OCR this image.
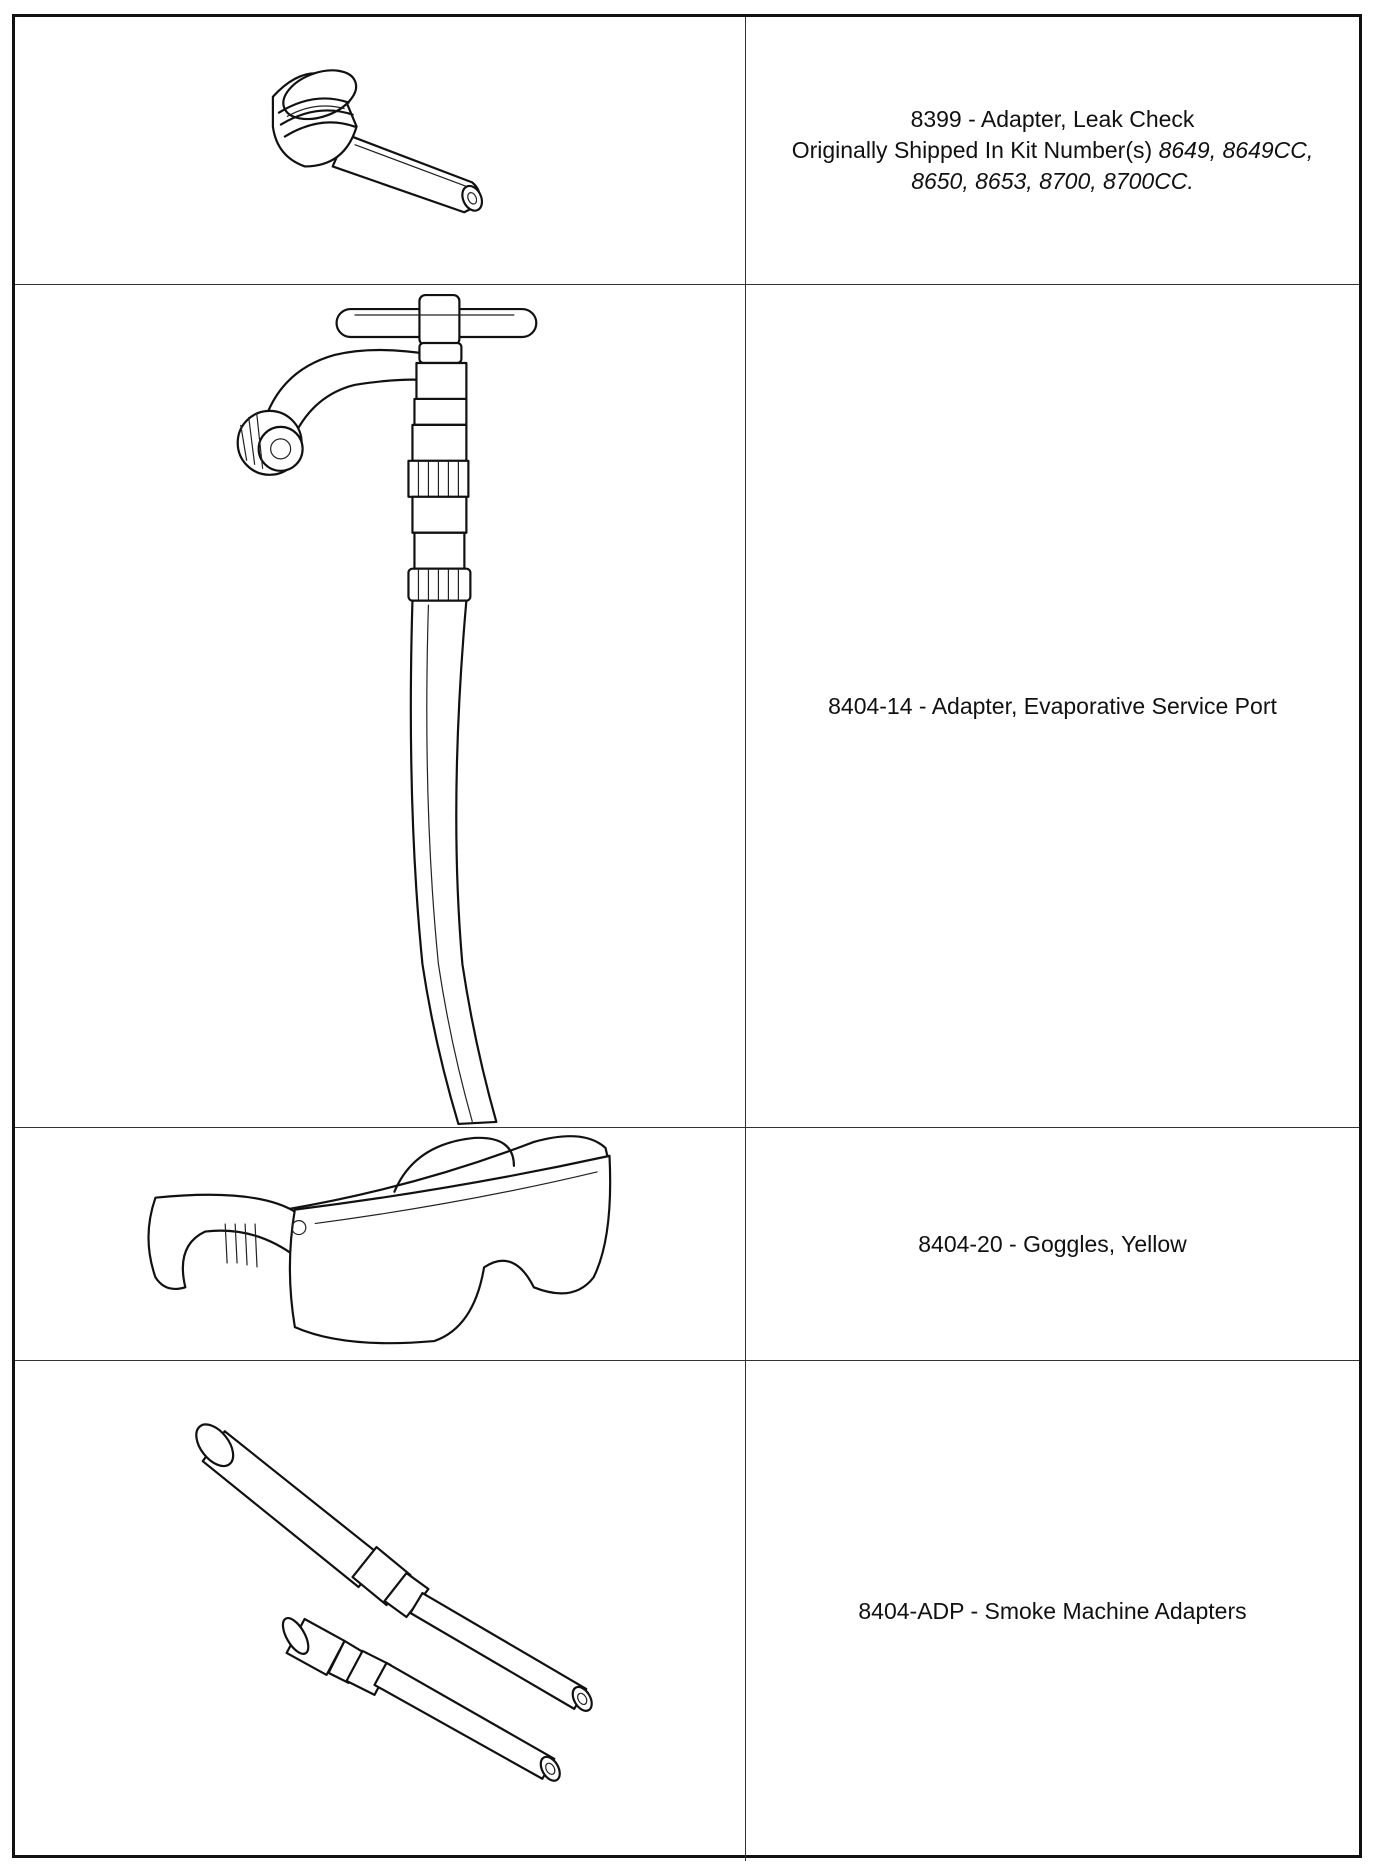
8399 - Adapter, Leak Check
Originally Shipped In Kit Number(s) 8649, 8649CC,
8650, 8653, 8700, 8700CC.
8404-14 - Adapter, Evaporative Service Port
8404-20 - Goggles, Yellow
8404-ADP - Smoke Machine Adapters
